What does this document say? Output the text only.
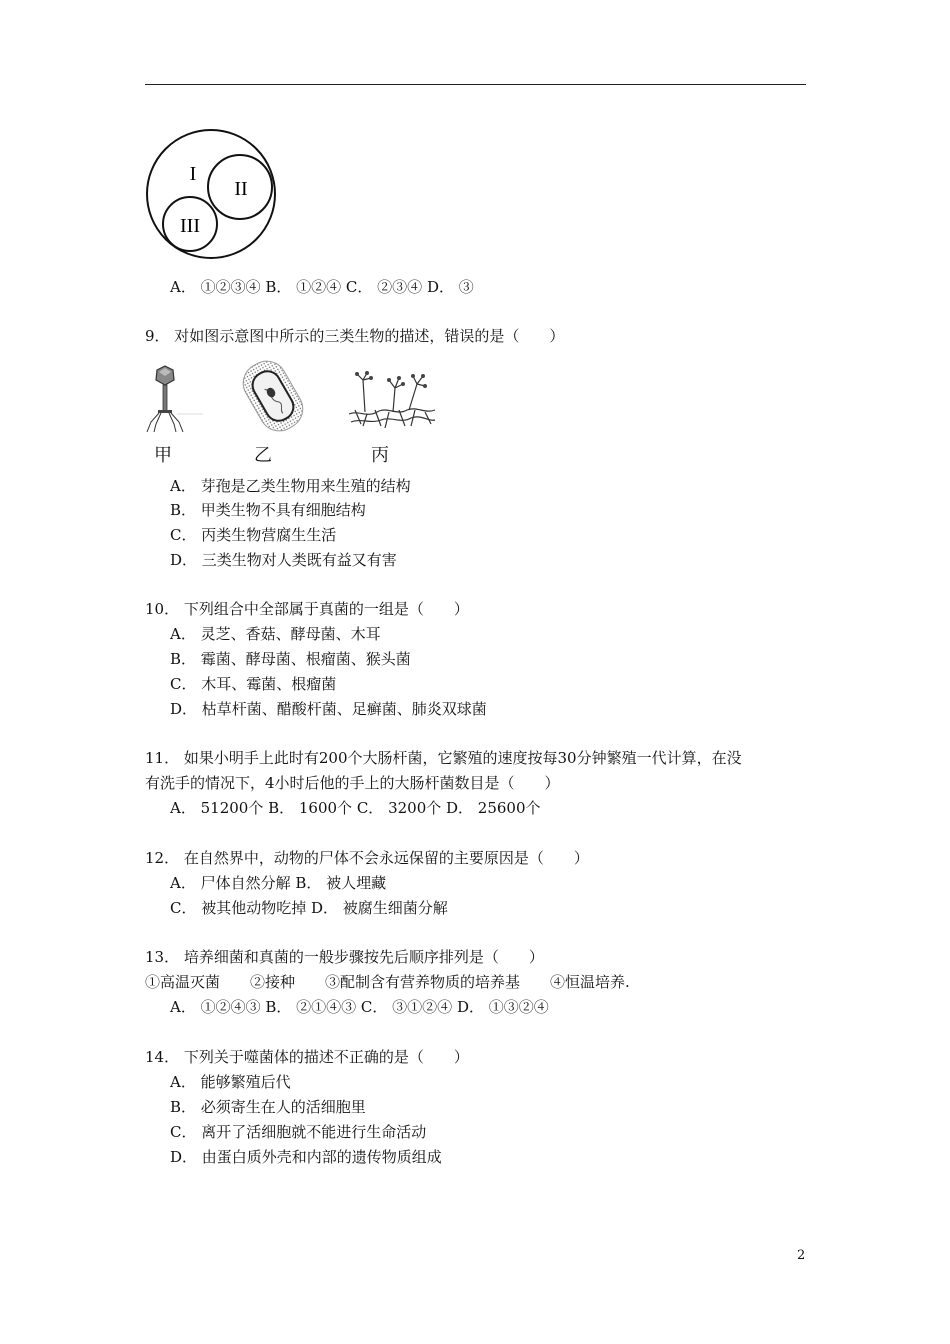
I
II
III
A． ①②③④ B． ①②④ C． ②③④ D． ③
9． 对如图示意图中所示的三类生物的描述，错误的是（　　）
甲	乙	丙
A． 芽孢是乙类生物用来生殖的结构
B． 甲类生物不具有细胞结构
C． 丙类生物营腐生生活
D． 三类生物对人类既有益又有害
10． 下列组合中全部属于真菌的一组是（　　）
A． 灵芝、香菇、酵母菌、木耳
B． 霉菌、酵母菌、根瘤菌、猴头菌
C． 木耳、霉菌、根瘤菌
D． 枯草杆菌、醋酸杆菌、足癣菌、肺炎双球菌
11． 如果小明手上此时有200个大肠杆菌，它繁殖的速度按每30分钟繁殖一代计算，在没
有洗手的情况下，4小时后他的手上的大肠杆菌数目是（　　）
A． 51200个 B． 1600个 C． 3200个 D． 25600个
12． 在自然界中，动物的尸体不会永远保留的主要原因是（　　）
A． 尸体自然分解 B． 被人埋藏
C． 被其他动物吃掉 D． 被腐生细菌分解
13． 培养细菌和真菌的一般步骤按先后顺序排列是（　　）
①高温灭菌　　②接种　　③配制含有营养物质的培养基　　④恒温培养.
A． ①②④③ B． ②①④③ C． ③①②④ D． ①③②④
14． 下列关于噬菌体的描述不正确的是（　　）
A． 能够繁殖后代
B． 必须寄生在人的活细胞里
C． 离开了活细胞就不能进行生命活动
D． 由蛋白质外壳和内部的遗传物质组成
2
